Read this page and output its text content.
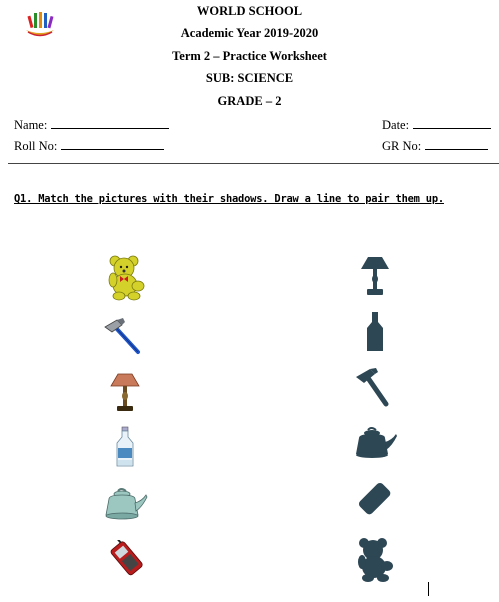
WORLD SCHOOL
Academic Year 2019-2020
Term 2 – Practice Worksheet
SUB: SCIENCE
GRADE – 2
Name:	Date:
Roll No:	GR No:
Q1. Match the pictures with their shadows. Draw a line to pair them up.
